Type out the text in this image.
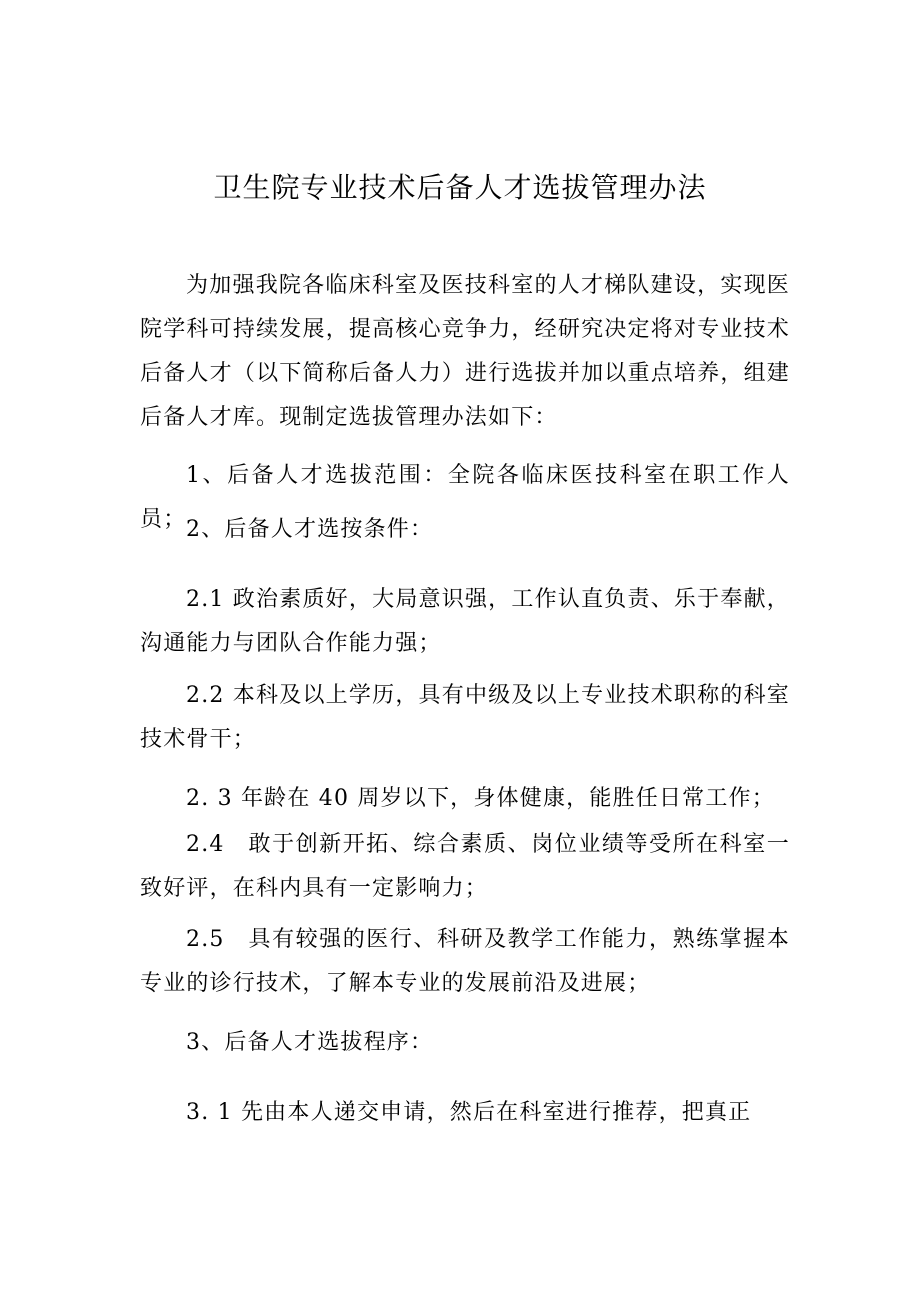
卫生院专业技术后备人才选拔管理办法

为加强我院各临床科室及医技科室的人才梯队建设，实现医院学科可持续发展，提高核心竞争力，经研究决定将对专业技术后备人才（以下简称后备人力）进行选拔并加以重点培养，组建后备人才库。现制定选拔管理办法如下：

1、后备人才选拔范围：全院各临床医技科室在职工作人员； 2、后备人才选按条件：

2.1 政治素质好，大局意识强，工作认直负责、乐于奉献，沟通能力与团队合作能力强；

2.2 本科及以上学历，具有中级及以上专业技术职称的科室技术骨干；

2. 3 年龄在 40 周岁以下，身体健康，能胜任日常工作；

2.4　敢于创新开拓、综合素质、岗位业绩等受所在科室一致好评，在科内具有一定影响力；

2.5　具有较强的医行、科研及教学工作能力，熟练掌握本专业的诊行技术，了解本专业的发展前沿及进展；

3、后备人才选拔程序：

3. 1 先由本人递交申请，然后在科室进行推荐，把真正
